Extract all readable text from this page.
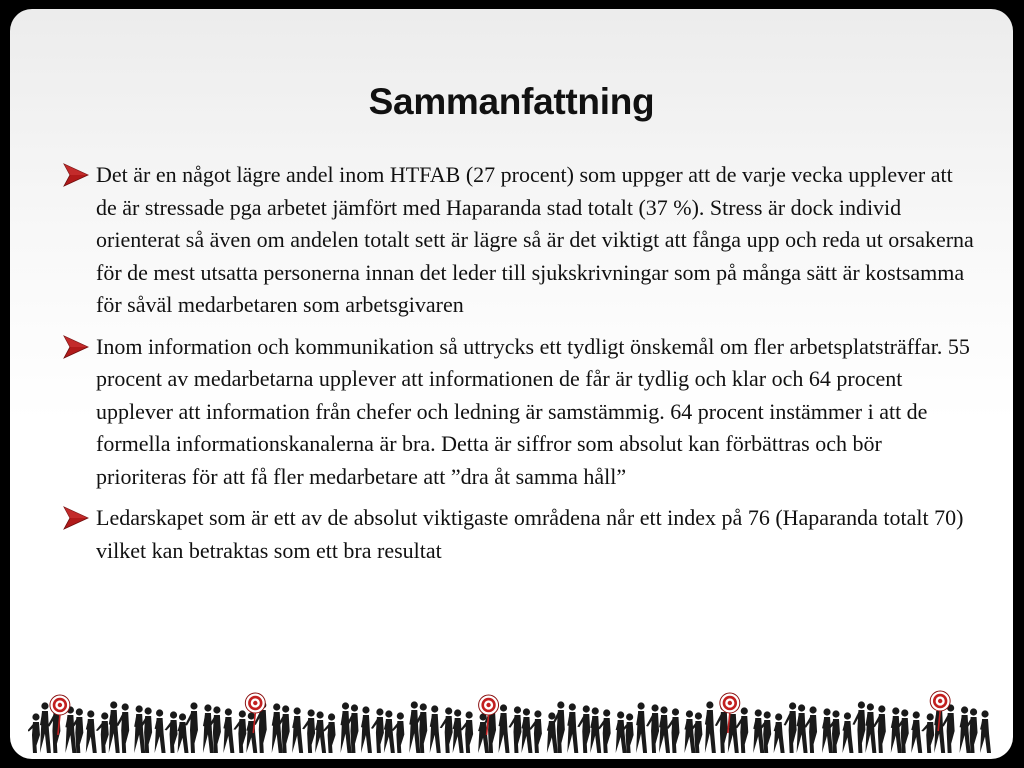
Sammanfattning
Det är en något lägre andel inom HTFAB (27 procent) som uppger att de varje vecka upplever att de är stressade pga arbetet jämfört med Haparanda stad totalt (37 %). Stress är dock individ orienterat så även om andelen totalt sett är lägre så är det viktigt att fånga upp och reda ut orsakerna för de mest utsatta personerna innan det leder till sjukskrivningar som på många sätt är kostsamma för såväl medarbetaren som arbetsgivaren
Inom information och kommunikation så uttrycks ett tydligt önskemål om fler arbetsplatsträffar. 55 procent av medarbetarna upplever att informationen de får är tydlig och klar och 64 procent upplever att information från chefer och ledning är samstämmig. 64 procent instämmer i att de formella informationskanalerna är bra. Detta är siffror som absolut kan förbättras och bör prioriteras för att få fler medarbetare att ”dra åt samma håll”
Ledarskapet som är ett av de absolut viktigaste områdena når ett index på 76 (Haparanda totalt 70) vilket kan betraktas som ett bra resultat
